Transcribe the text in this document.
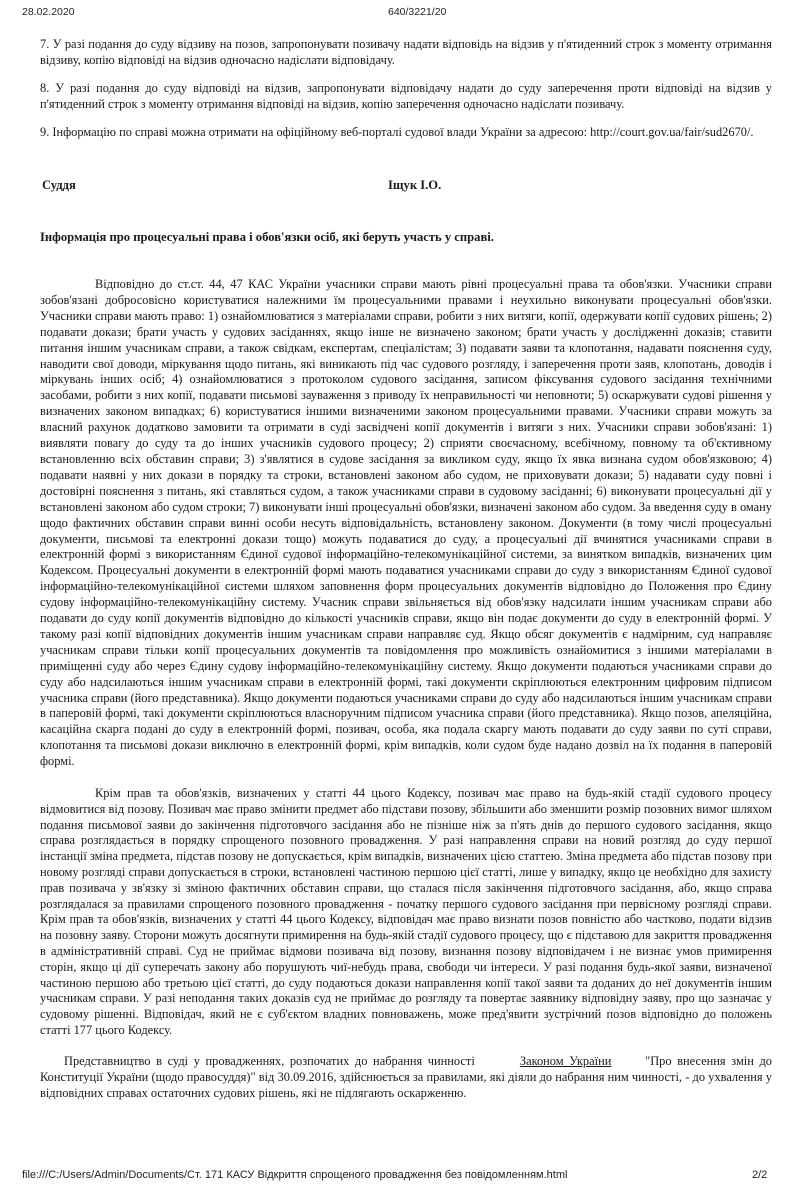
28.02.2020	640/3221/20

7. У разі подання до суду відзиву на позов, запропонувати позивачу надати відповідь на відзив у п'ятиденний строк з моменту отримання відзиву, копію відповіді на відзив одночасно надіслати відповідачу.

8. У разі подання до суду відповіді на відзив, запропонувати відповідачу надати до суду заперечення проти відповіді на відзив у п'ятиденний строк з моменту отримання відповіді на відзив, копію заперечення одночасно надіслати позивачу.

9. Інформацію по справі можна отримати на офіційному веб-порталі судової влади України за адресою: http://court.gov.ua/fair/sud2670/.

Суддя	Іщук І.О.

Інформація про процесуальні права і обов'язки осіб, які беруть участь у справі.

Відповідно до ст.ст. 44, 47 КАС України учасники справи мають рівні процесуальні права та обов'язки. Учасники справи зобов'язані добросовісно користуватися належними їм процесуальними правами і неухильно виконувати процесуальні обов'язки. Учасники справи мають право: 1) ознайомлюватися з матеріалами справи, робити з них витяги, копії, одержувати копії судових рішень; 2) подавати докази; брати участь у судових засіданнях, якщо інше не визначено законом; брати участь у дослідженні доказів; ставити питання іншим учасникам справи, а також свідкам, експертам, спеціалістам; 3) подавати заяви та клопотання, надавати пояснення суду, наводити свої доводи, міркування щодо питань, які виникають під час судового розгляду, і заперечення проти заяв, клопотань, доводів і міркувань інших осіб; 4) ознайомлюватися з протоколом судового засідання, записом фіксування судового засідання технічними засобами, робити з них копії, подавати письмові зауваження з приводу їх неправильності чи неповноти; 5) оскаржувати судові рішення у визначених законом випадках; 6) користуватися іншими визначеними законом процесуальними правами. Учасники справи можуть за власний рахунок додатково замовити та отримати в суді засвідчені копії документів і витяги з них. Учасники справи зобов'язані: 1) виявляти повагу до суду та до інших учасників судового процесу; 2) сприяти своєчасному, всебічному, повному та об'єктивному встановленню всіх обставин справи; 3) з'являтися в судове засідання за викликом суду, якщо їх явка визнана судом обов'язковою; 4) подавати наявні у них докази в порядку та строки, встановлені законом або судом, не приховувати докази; 5) надавати суду повні і достовірні пояснення з питань, які ставляться судом, а також учасниками справи в судовому засіданні; 6) виконувати процесуальні дії у встановлені законом або судом строки; 7) виконувати інші процесуальні обов'язки, визначені законом або судом. За введення суду в оману щодо фактичних обставин справи винні особи несуть відповідальність, встановлену законом. Документи (в тому числі процесуальні документи, письмові та електронні докази тощо) можуть подаватися до суду, а процесуальні дії вчинятися учасниками справи в електронній формі з використанням Єдиної судової інформаційно-телекомунікаційної системи, за винятком випадків, визначених цим Кодексом. Процесуальні документи в електронній формі мають подаватися учасниками справи до суду з використанням Єдиної судової інформаційно-телекомунікаційної системи шляхом заповнення форм процесуальних документів відповідно до Положення про Єдину судову інформаційно-телекомунікаційну систему. Учасник справи звільняється від обов'язку надсилати іншим учасникам справи або подавати до суду копії документів відповідно до кількості учасників справи, якщо він подає документи до суду в електронній формі. У такому разі копії відповідних документів іншим учасникам справи направляє суд. Якщо обсяг документів є надмірним, суд направляє учасникам справи тільки копії процесуальних документів та повідомлення про можливість ознайомитися з іншими матеріалами в приміщенні суду або через Єдину судову інформаційно-телекомунікаційну систему. Якщо документи подаються учасниками справи до суду або надсилаються іншим учасникам справи в електронній формі, такі документи скріплюються електронним цифровим підписом учасника справи (його представника). Якщо документи подаються учасниками справи до суду або надсилаються іншим учасникам справи в паперовій формі, такі документи скріплюються власноручним підписом учасника справи (його представника). Якщо позов, апеляційна, касаційна скарга подані до суду в електронній формі, позивач, особа, яка подала скаргу мають подавати до суду заяви по суті справи, клопотання та письмові докази виключно в електронній формі, крім випадків, коли судом буде надано дозвіл на їх подання в паперовій формі.

Крім прав та обов'язків, визначених у статті 44 цього Кодексу, позивач має право на будь-якій стадії судового процесу відмовитися від позову. Позивач має право змінити предмет або підстави позову, збільшити або зменшити розмір позовних вимог шляхом подання письмової заяви до закінчення підготовчого засідання або не пізніше ніж за п'ять днів до першого судового засідання, якщо справа розглядається в порядку спрощеного позовного провадження. У разі направлення справи на новий розгляд до суду першої інстанції зміна предмета, підстав позову не допускається, крім випадків, визначених цією статтею. Зміна предмета або підстав позову при новому розгляді справи допускається в строки, встановлені частиною першою цієї статті, лише у випадку, якщо це необхідно для захисту прав позивача у зв'язку зі зміною фактичних обставин справи, що сталася після закінчення підготовчого засідання, або, якщо справа розглядалася за правилами спрощеного позовного провадження - початку першого судового засідання при первісному розгляді справи. Крім прав та обов'язків, визначених у статті 44 цього Кодексу, відповідач має право визнати позов повністю або частково, подати відзив на позовну заяву. Сторони можуть досягнути примирення на будь-якій стадії судового процесу, що є підставою для закриття провадження в адміністративній справі. Суд не приймає відмови позивача від позову, визнання позову відповідачем і не визнає умов примирення сторін, якщо ці дії суперечать закону або порушують чиї-небудь права, свободи чи інтереси. У разі подання будь-якої заяви, визначеної частиною першою або третьою цієї статті, до суду подаються докази направлення копії такої заяви та доданих до неї документів іншим учасникам справи. У разі неподання таких доказів суд не приймає до розгляду та повертає заявнику відповідну заяву, про що зазначає у судовому рішенні. Відповідач, який не є суб'єктом владних повноважень, може пред'явити зустрічний позов відповідно до положень статті 177 цього Кодексу.

Представництво в суді у провадженнях, розпочатих до набрання чинності	Законом України	"Про внесення змін до Конституції України (щодо правосуддя)" від 30.09.2016, здійснюється за правилами, які діяли до набрання ним чинності, - до ухвалення у відповідних справах остаточних судових рішень, які не підлягають оскарженню.

file:///C:/Users/Admin/Documents/Ст. 171 КАСУ Відкриття спрощеного провадження без повідомленням.html	2/2
